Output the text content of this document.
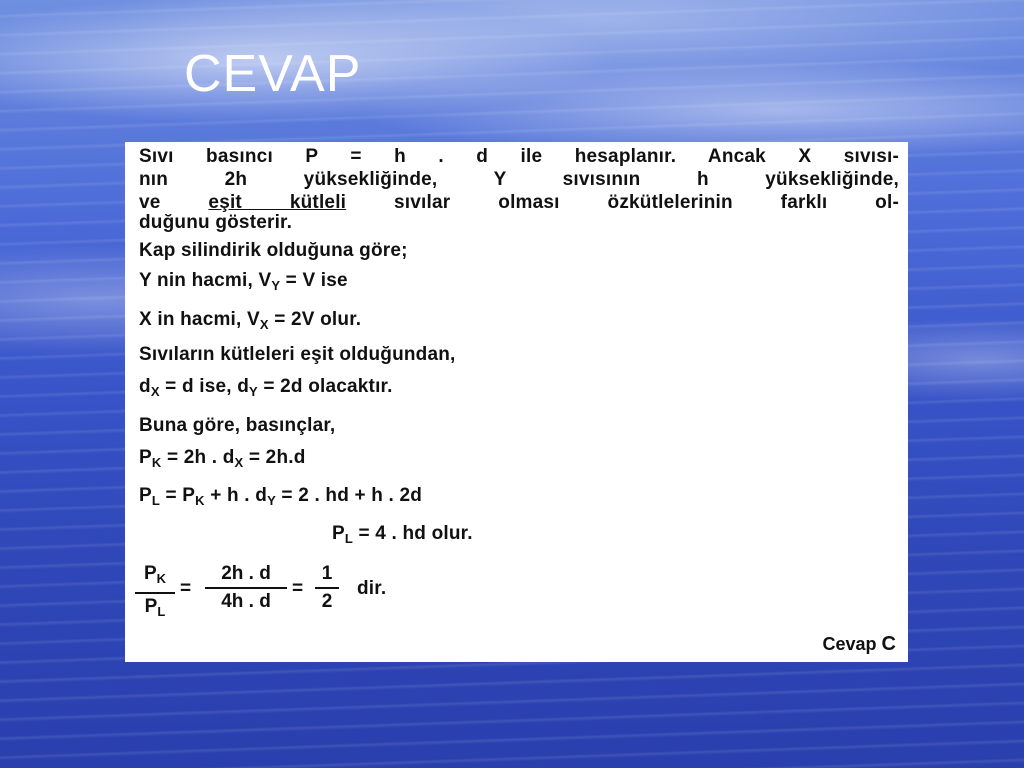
CEVAP
Sıvı basıncı P = h . d ile hesaplanır. Ancak X sıvısı-
nın 2h yüksekliğinde, Y sıvısının h yüksekliğinde,
ve eşit kütleli sıvılar olması özkütlelerinin farklı ol-
duğunu gösterir.
Kap silindirik olduğuna göre;
Y nin hacmi, $V_Y = V$ ise
X in hacmi, $V_X = 2V$ olur.
Sıvıların kütleleri eşit olduğundan,
$d_X = d$ ise, $d_Y = 2d$ olacaktır.
Buna göre, basınçlar,
$P_K = 2h$ . $d_X = 2h.d$
$P_L = P_K + h$ . $d_Y = 2$ . hd + h . 2d
$P_L = 4$ . hd olur.
$P_K$
$P_L$
=
2h . d
4h . d
=
1
2
dir.
Cevap C
